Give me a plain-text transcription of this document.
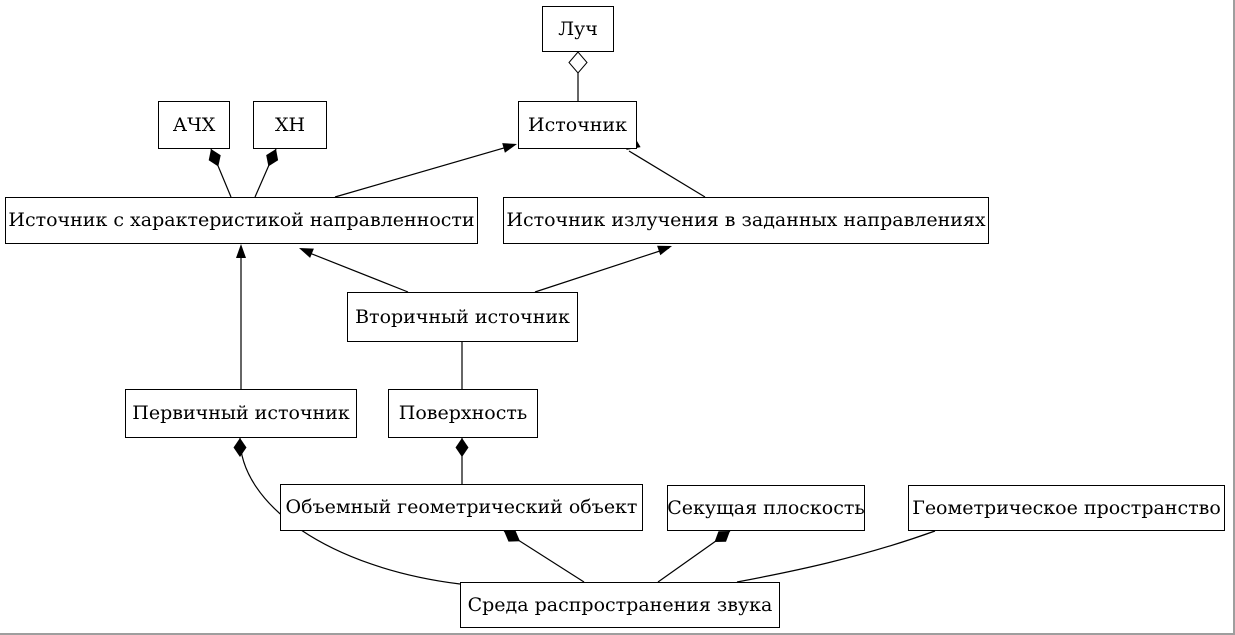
Луч
АЧХ	ХН	Источник
Источник с характеристикой направленности Источник излучения в заданных направлениях
Вторичный источник
Первичный источник	Поверхность
Объемный геометрический объект Секущая плоскость Геометрическое пространство
Среда распространения звука
